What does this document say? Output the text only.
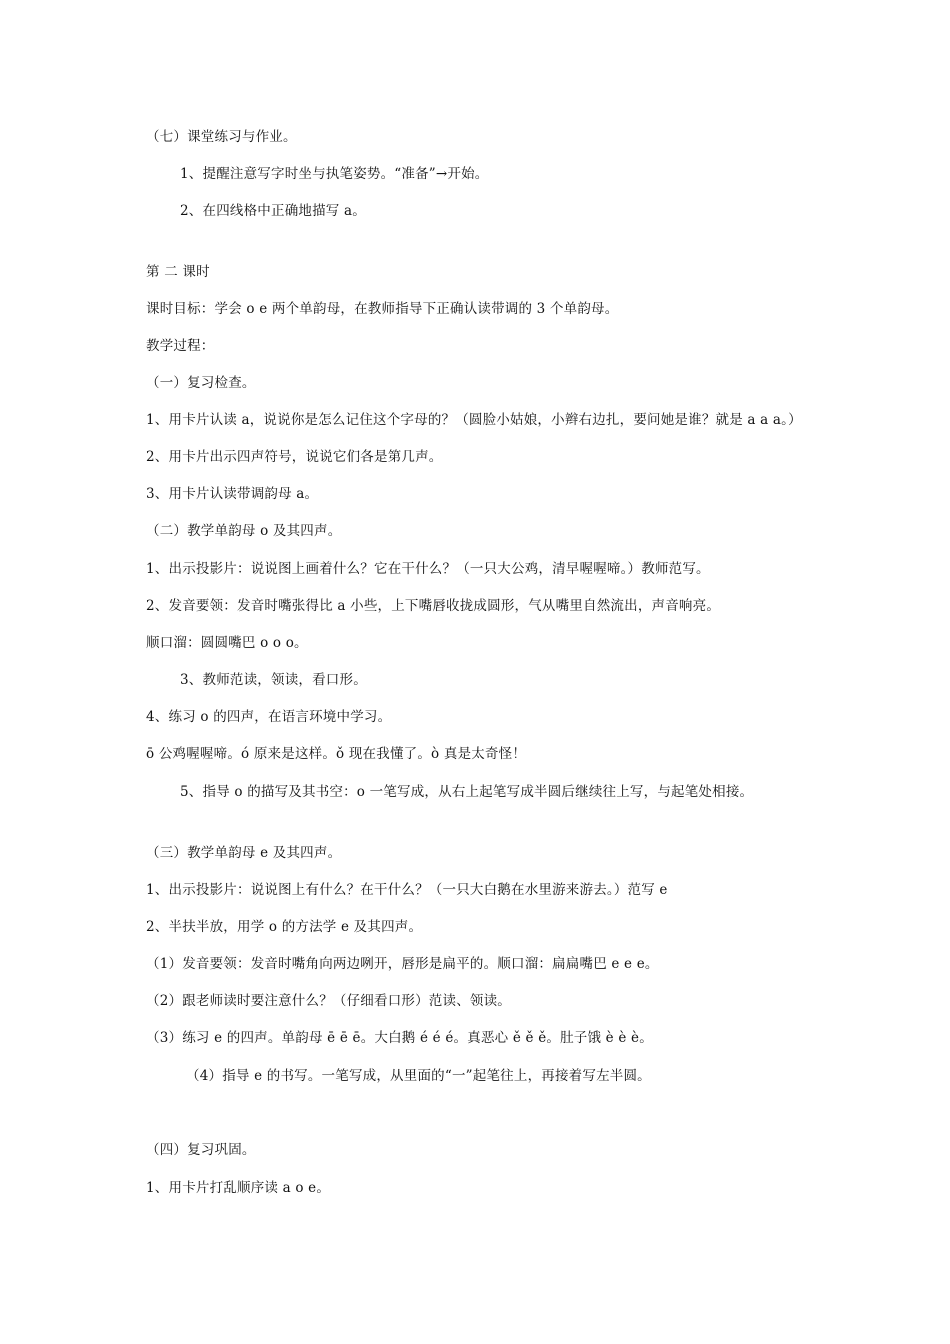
（七）课堂练习与作业。
1、提醒注意写字时坐与执笔姿势。“准备”→开始。
2、在四线格中正确地描写 a。
第 二 课时
课时目标：学会 o e 两个单韵母，在教师指导下正确认读带调的 3 个单韵母。
教学过程：
（一）复习检查。
1、用卡片认读 a，说说你是怎么记住这个字母的？（圆脸小姑娘，小辫右边扎，要问她是谁？就是 a a a。）
2、用卡片出示四声符号，说说它们各是第几声。
3、用卡片认读带调韵母 a。
（二）教学单韵母 o 及其四声。
1、出示投影片：说说图上画着什么？它在干什么？（一只大公鸡，清早喔喔啼。）教师范写。
2、发音要领：发音时嘴张得比 a 小些，上下嘴唇收拢成圆形，气从嘴里自然流出，声音响亮。
顺口溜：圆圆嘴巴 o o o。
3、教师范读，领读，看口形。
4、练习 o 的四声，在语言环境中学习。
ō 公鸡喔喔啼。ó 原来是这样。ǒ 现在我懂了。ò 真是太奇怪！
5、指导 o 的描写及其书空：o 一笔写成，从右上起笔写成半圆后继续往上写，与起笔处相接。
（三）教学单韵母 e 及其四声。
1、出示投影片：说说图上有什么？在干什么？（一只大白鹅在水里游来游去。）范写 e
2、半扶半放，用学 o 的方法学 e 及其四声。
（1）发音要领：发音时嘴角向两边咧开，唇形是扁平的。顺口溜：扁扁嘴巴 e e e。
（2）跟老师读时要注意什么？（仔细看口形）范读、领读。
（3）练习 e 的四声。单韵母 ē ē ē。大白鹅 é é é。真恶心 ě ě ě。肚子饿 è è è。
（4）指导 e 的书写。一笔写成，从里面的“一”起笔往上，再接着写左半圆。
（四）复习巩固。
1、用卡片打乱顺序读 a o e。
